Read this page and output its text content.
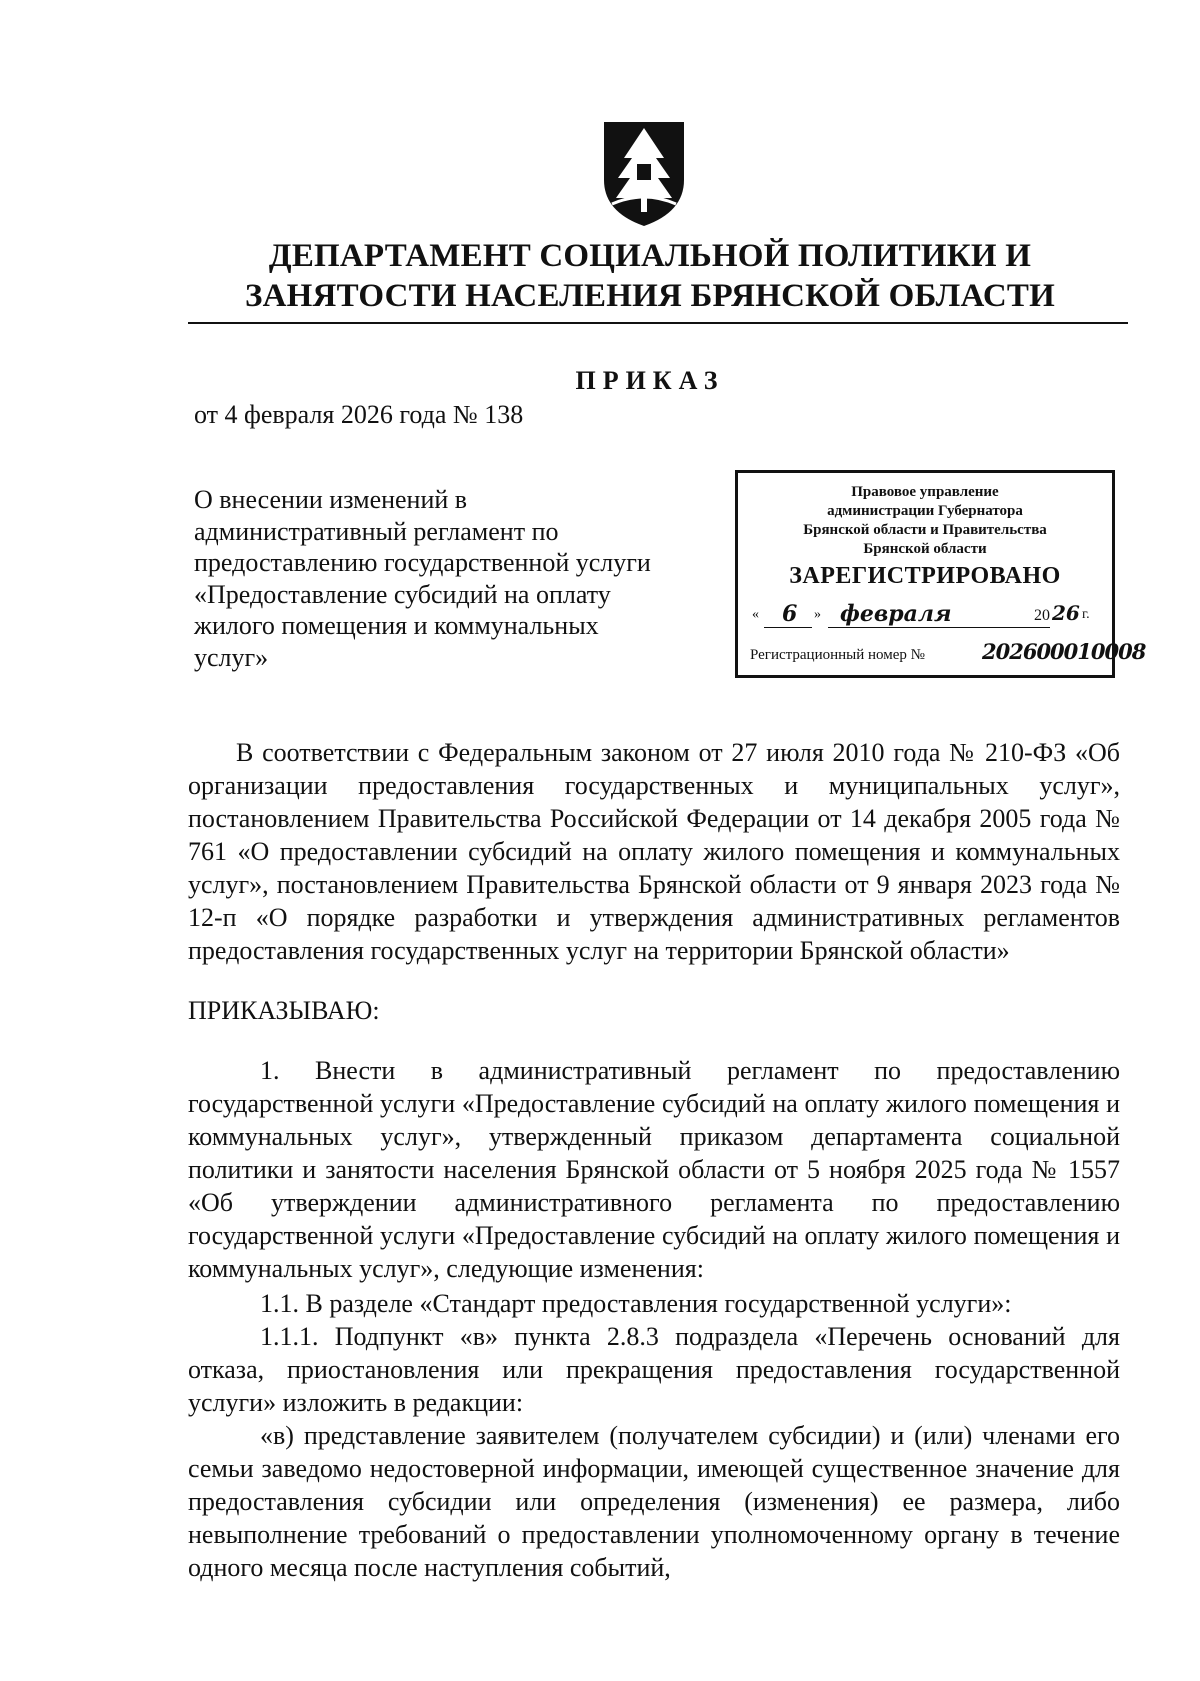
ДЕПАРТАМЕНТ СОЦИАЛЬНОЙ ПОЛИТИКИ И
ЗАНЯТОСТИ НАСЕЛЕНИЯ БРЯНСКОЙ ОБЛАСТИ
ПРИКАЗ
от 4 февраля 2026 года № 138
О внесении изменений в
административный регламент по
предоставлению государственной услуги
«Предоставление субсидий на оплату
жилого помещения и коммунальных
услуг»
Правовое управление
администрации Губернатора
Брянской области и Правительства
Брянской области
ЗАРЕГИСТРИРОВАНО
« 6 » февраля	20 26 г.
Регистрационный номер №	202600010008
В соответствии с Федеральным законом от 27 июля 2010 года № 210-ФЗ «Об организации предоставления государственных и муниципальных услуг», постановлением Правительства Российской Федерации от 14 декабря 2005 года № 761 «О предоставлении субсидий на оплату жилого помещения и коммунальных услуг», постановлением Правительства Брянской области от 9 января 2023 года № 12-п «О порядке разработки и утверждения административных регламентов предоставления государственных услуг на территории Брянской области»
ПРИКАЗЫВАЮ:
1. Внести в административный регламент по предоставлению государственной услуги «Предоставление субсидий на оплату жилого помещения и коммунальных услуг», утвержденный приказом департамента социальной политики и занятости населения Брянской области от 5 ноября 2025 года № 1557 «Об утверждении административного регламента по предоставлению государственной услуги «Предоставление субсидий на оплату жилого помещения и коммунальных услуг», следующие изменения:
1.1. В разделе «Стандарт предоставления государственной услуги»:
1.1.1. Подпункт «в» пункта 2.8.3 подраздела «Перечень оснований для отказа, приостановления или прекращения предоставления государственной услуги» изложить в редакции:
«в) представление заявителем (получателем субсидии) и (или) членами его семьи заведомо недостоверной информации, имеющей существенное значение для предоставления субсидии или определения (изменения) ее размера, либо невыполнение требований о предоставлении уполномоченному органу в течение одного месяца после наступления событий,
